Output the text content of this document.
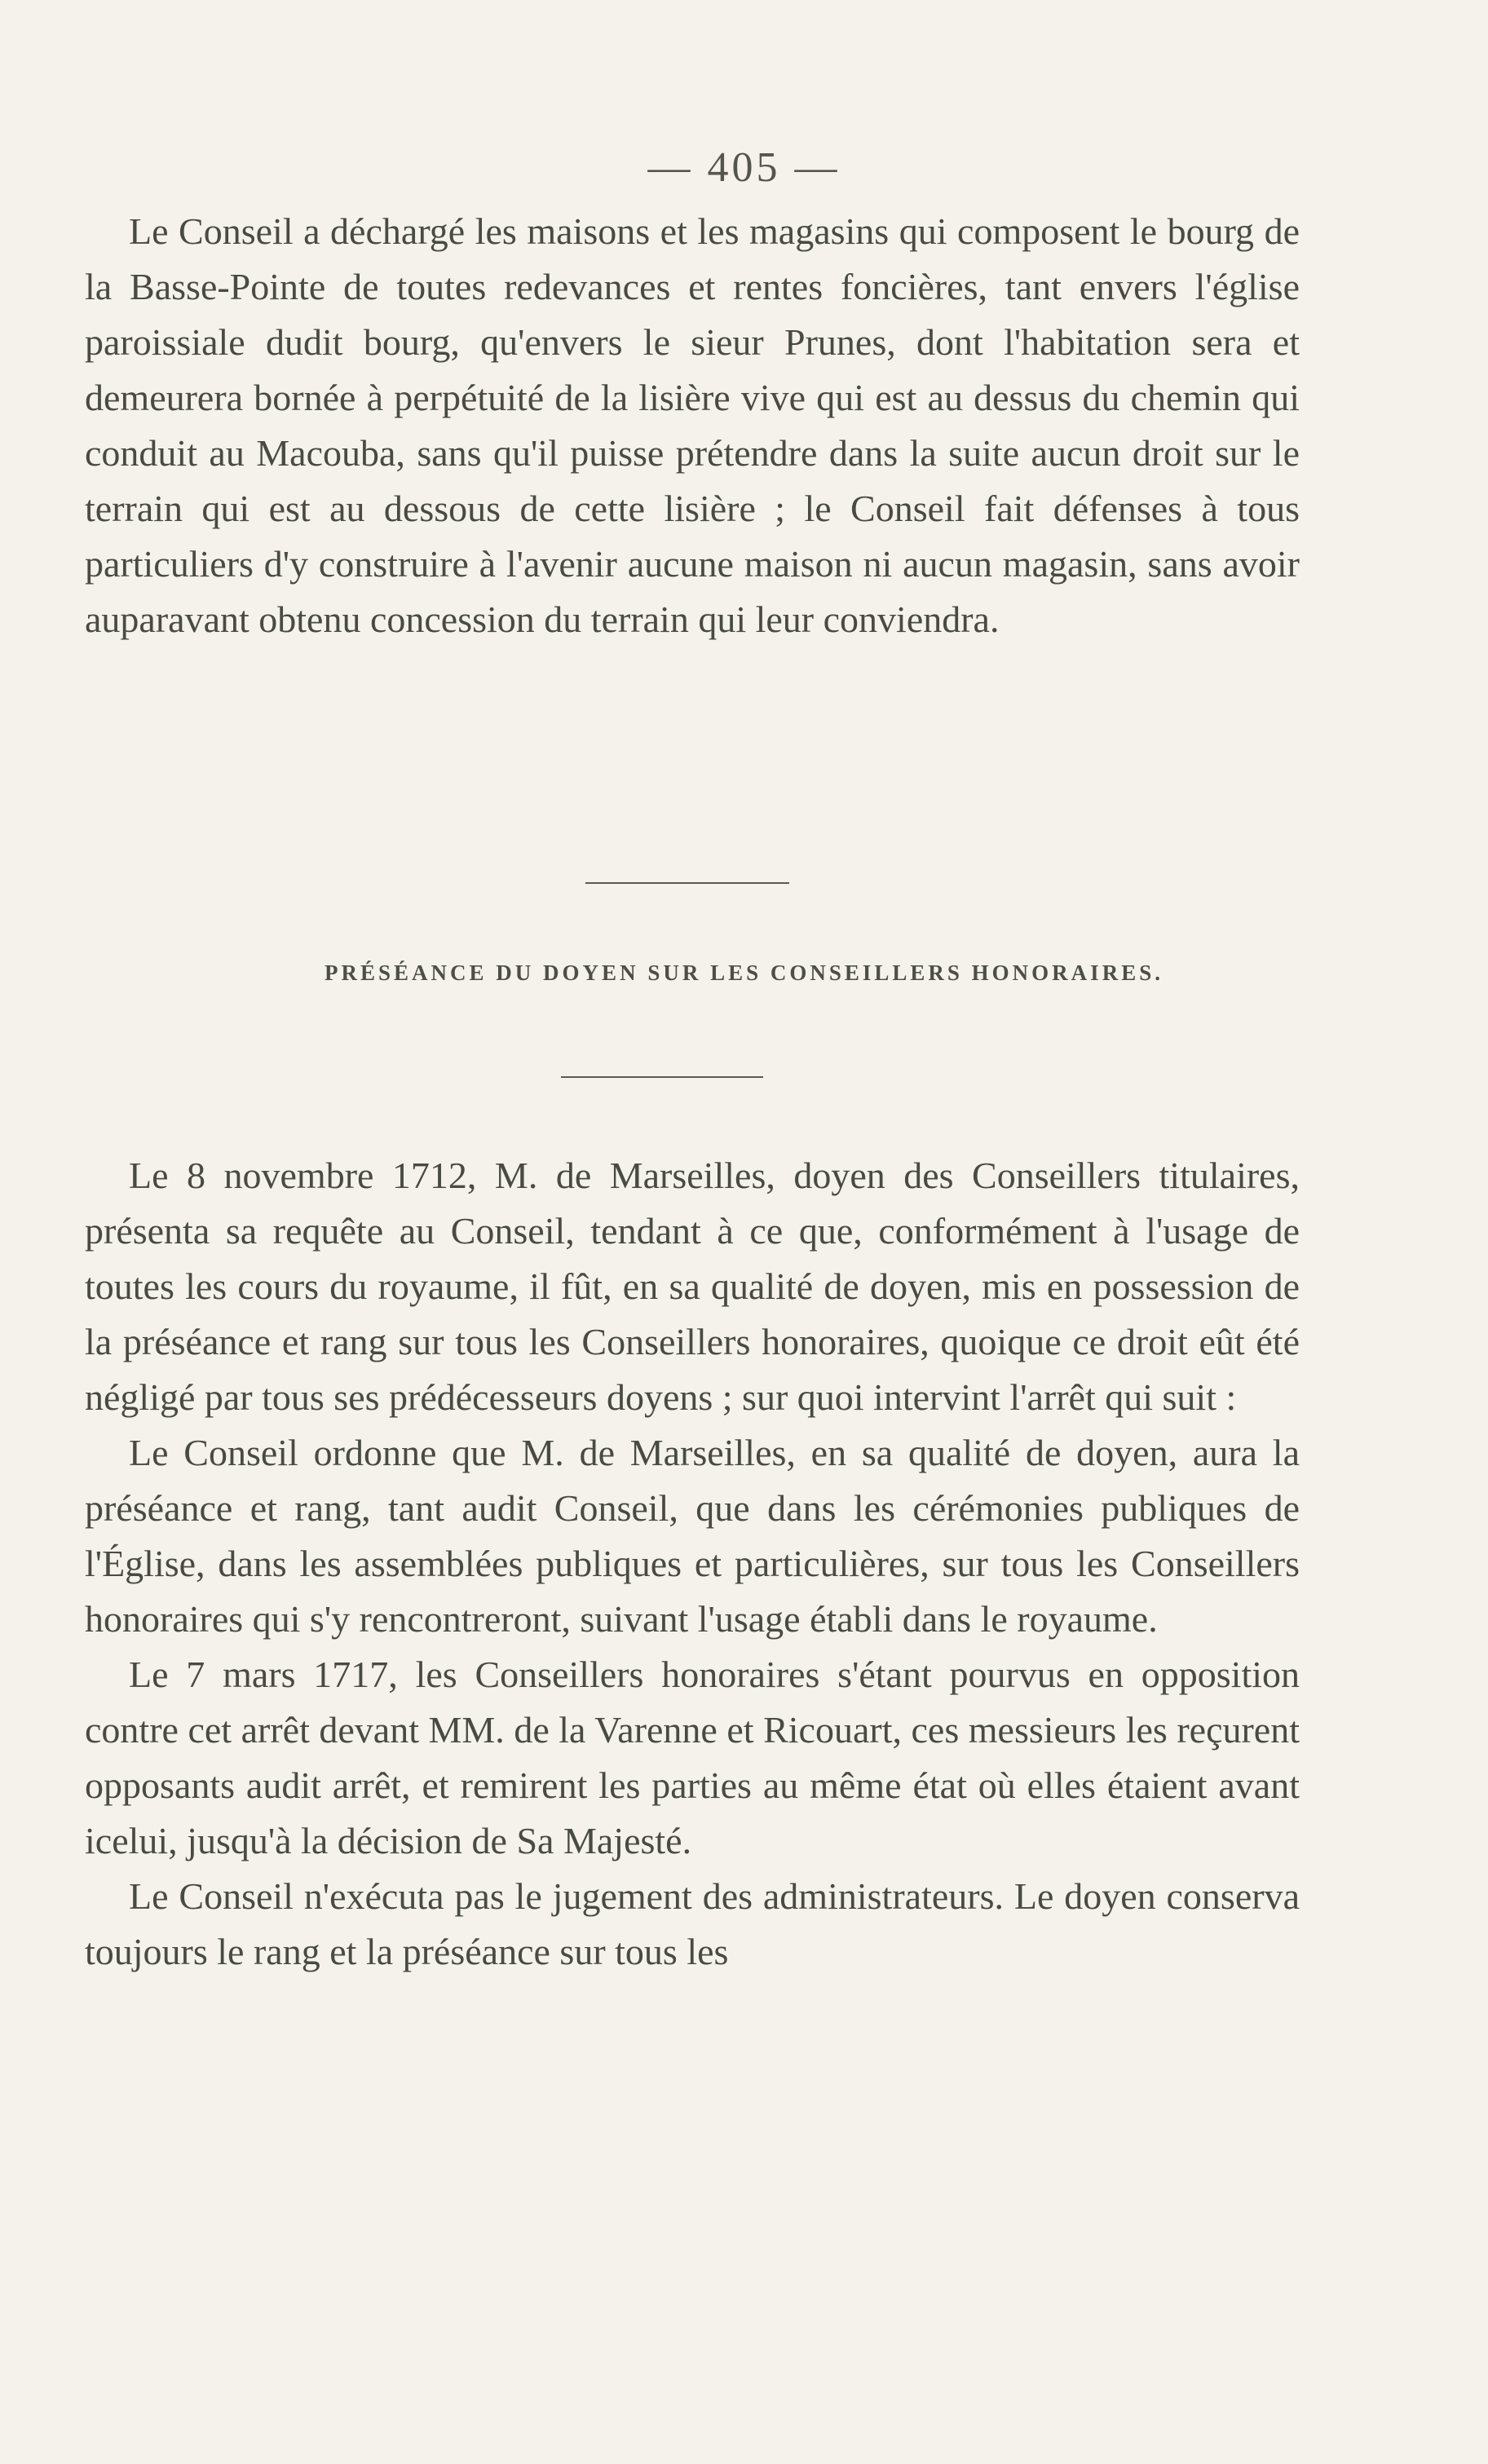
— 405 —

Le Conseil a déchargé les maisons et les magasins qui composent le bourg de la Basse-Pointe de toutes redevances et rentes foncières, tant envers l'église paroissiale dudit bourg, qu'envers le sieur Prunes, dont l'habitation sera et demeurera bornée à perpétuité de la lisière vive qui est au dessus du chemin qui conduit au Macouba, sans qu'il puisse prétendre dans la suite aucun droit sur le terrain qui est au dessous de cette lisière ; le Conseil fait défenses à tous particuliers d'y construire à l'avenir aucune maison ni aucun magasin, sans avoir auparavant obtenu concession du terrain qui leur conviendra.

PRÉSÉANCE DU DOYEN SUR LES CONSEILLERS HONORAIRES.

Le 8 novembre 1712, M. de Marseilles, doyen des Conseillers titulaires, présenta sa requête au Conseil, tendant à ce que, conformément à l'usage de toutes les cours du royaume, il fût, en sa qualité de doyen, mis en possession de la préséance et rang sur tous les Conseillers honoraires, quoique ce droit eût été négligé par tous ses prédécesseurs doyens ; sur quoi intervint l'arrêt qui suit :

Le Conseil ordonne que M. de Marseilles, en sa qualité de doyen, aura la préséance et rang, tant audit Conseil, que dans les cérémonies publiques de l'Église, dans les assemblées publiques et particulières, sur tous les Conseillers honoraires qui s'y rencontreront, suivant l'usage établi dans le royaume.

Le 7 mars 1717, les Conseillers honoraires s'étant pourvus en opposition contre cet arrêt devant MM. de la Varenne et Ricouart, ces messieurs les reçurent opposants audit arrêt, et remirent les parties au même état où elles étaient avant icelui, jusqu'à la décision de Sa Majesté.

Le Conseil n'exécuta pas le jugement des administrateurs. Le doyen conserva toujours le rang et la préséance sur tous les
